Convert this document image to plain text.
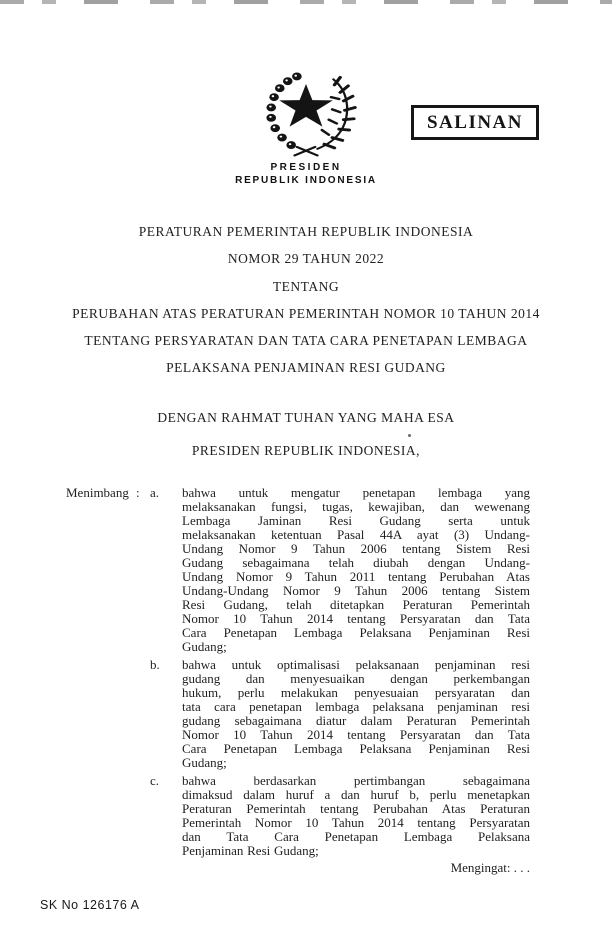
PRESIDEN
REPUBLIK INDONESIA
SALINAN
PERATURAN PEMERINTAH REPUBLIK INDONESIA
NOMOR 29 TAHUN 2022
TENTANG
PERUBAHAN ATAS PERATURAN PEMERINTAH NOMOR 10 TAHUN 2014
TENTANG PERSYARATAN DAN TATA CARA PENETAPAN LEMBAGA
PELAKSANA PENJAMINAN RESI GUDANG
DENGAN RAHMAT TUHAN YANG MAHA ESA
PRESIDEN REPUBLIK INDONESIA,
Menimbang : a.	bahwa untuk mengatur penetapan lembaga yang
melaksanakan fungsi, tugas, kewajiban, dan wewenang
Lembaga Jaminan Resi Gudang serta untuk
melaksanakan ketentuan Pasal 44A ayat (3) Undang-
Undang Nomor 9 Tahun 2006 tentang Sistem Resi
Gudang sebagaimana telah diubah dengan Undang-
Undang Nomor 9 Tahun 2011 tentang Perubahan Atas
Undang-Undang Nomor 9 Tahun 2006 tentang Sistem
Resi Gudang, telah ditetapkan Peraturan Pemerintah
Nomor 10 Tahun 2014 tentang Persyaratan dan Tata
Cara Penetapan Lembaga Pelaksana Penjaminan Resi
Gudang;
b.	bahwa untuk optimalisasi pelaksanaan penjaminan resi
gudang dan menyesuaikan dengan perkembangan
hukum, perlu melakukan penyesuaian persyaratan dan
tata cara penetapan lembaga pelaksana penjaminan resi
gudang sebagaimana diatur dalam Peraturan Pemerintah
Nomor 10 Tahun 2014 tentang Persyaratan dan Tata
Cara Penetapan Lembaga Pelaksana Penjaminan Resi
Gudang;
c.	bahwa berdasarkan pertimbangan sebagaimana
dimaksud dalam huruf a dan huruf b, perlu menetapkan
Peraturan Pemerintah tentang Perubahan Atas Peraturan
Pemerintah Nomor 10 Tahun 2014 tentang Persyaratan
dan Tata Cara Penetapan Lembaga Pelaksana
Penjaminan Resi Gudang;
Mengingat: . . .
SK No 126176 A
